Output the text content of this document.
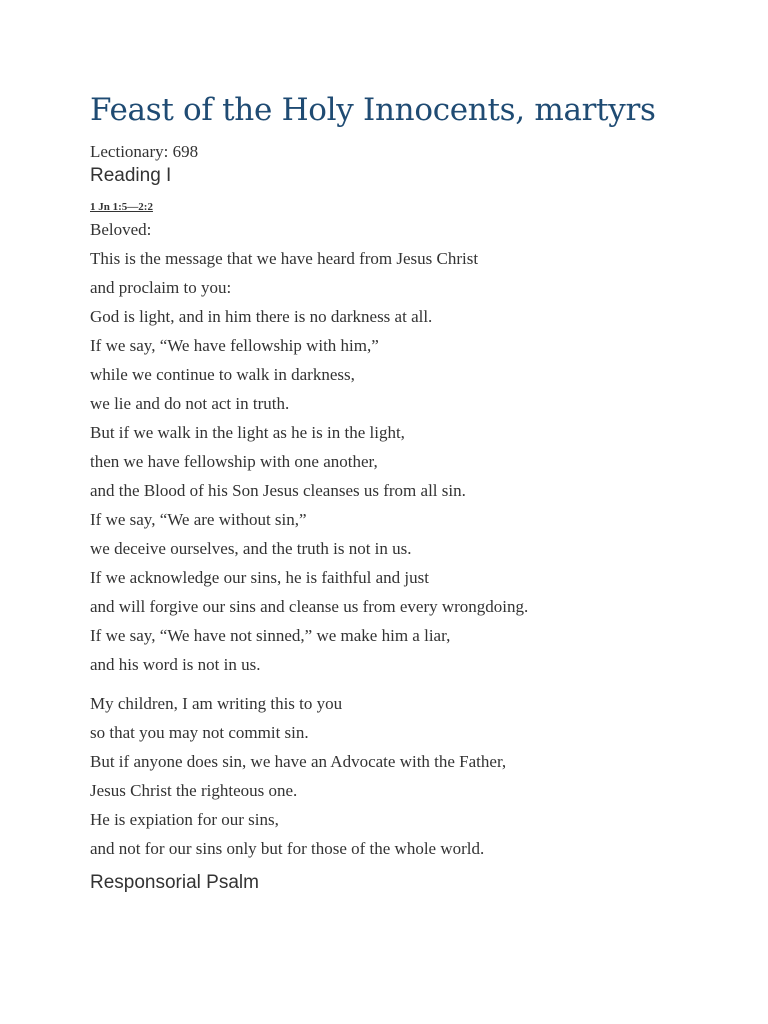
Feast of the Holy Innocents, martyrs
Lectionary: 698
Reading I
1 Jn 1:5—2:2

Beloved:
This is the message that we have heard from Jesus Christ
and proclaim to you:
God is light, and in him there is no darkness at all.
If we say, “We have fellowship with him,”
while we continue to walk in darkness,
we lie and do not act in truth.
But if we walk in the light as he is in the light,
then we have fellowship with one another,
and the Blood of his Son Jesus cleanses us from all sin.
If we say, “We are without sin,”
we deceive ourselves, and the truth is not in us.
If we acknowledge our sins, he is faithful and just
and will forgive our sins and cleanse us from every wrongdoing.
If we say, “We have not sinned,” we make him a liar,
and his word is not in us.

My children, I am writing this to you
so that you may not commit sin.
But if anyone does sin, we have an Advocate with the Father,
Jesus Christ the righteous one.
He is expiation for our sins,
and not for our sins only but for those of the whole world.

Responsorial Psalm
